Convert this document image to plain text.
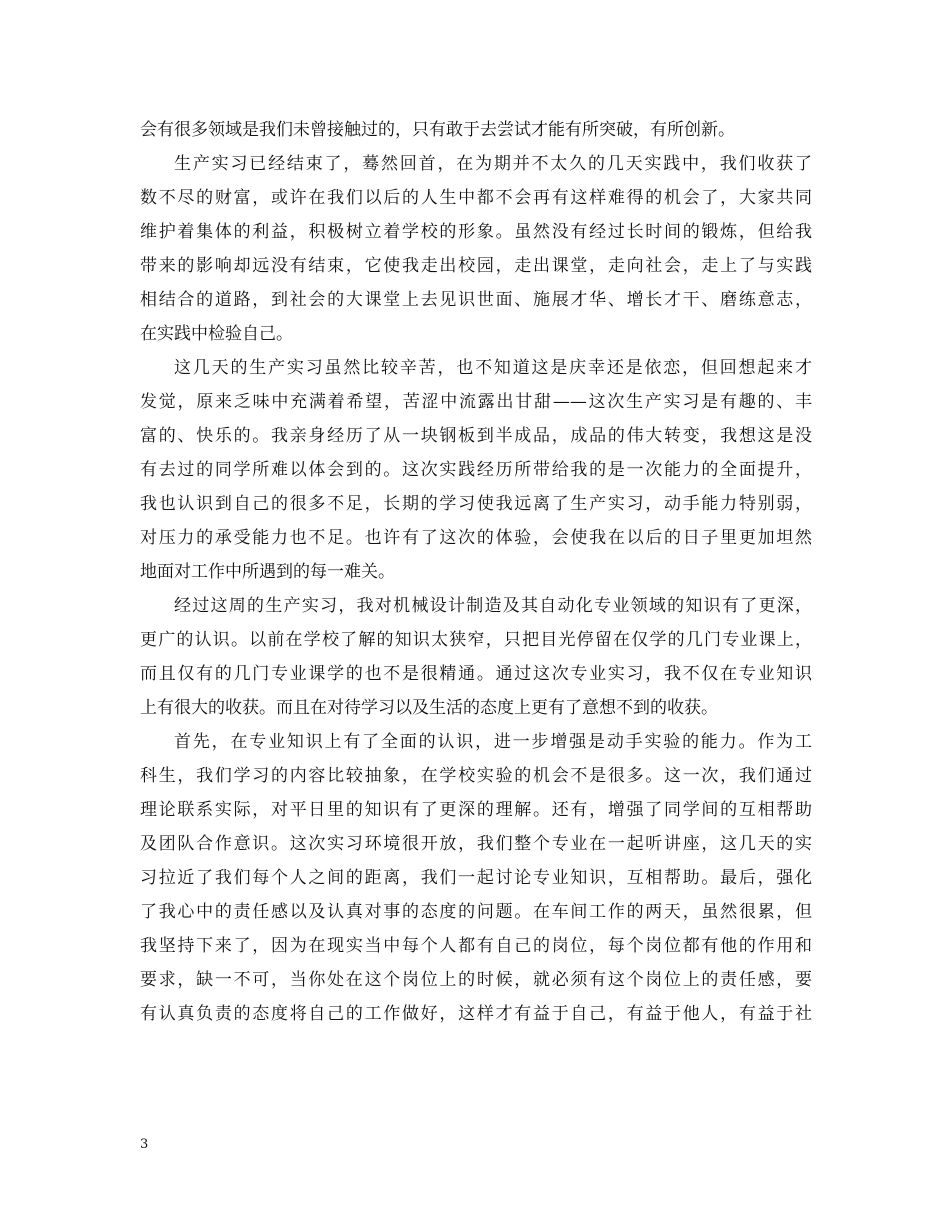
会有很多领域是我们未曾接触过的，只有敢于去尝试才能有所突破，有所创新。
生产实习已经结束了，蓦然回首，在为期并不太久的几天实践中，我们收获了
数不尽的财富，或许在我们以后的人生中都不会再有这样难得的机会了，大家共同
维护着集体的利益，积极树立着学校的形象。虽然没有经过长时间的锻炼，但给我
带来的影响却远没有结束，它使我走出校园，走出课堂，走向社会，走上了与实践
相结合的道路，到社会的大课堂上去见识世面、施展才华、增长才干、磨练意志，
在实践中检验自己。
这几天的生产实习虽然比较辛苦，也不知道这是庆幸还是依恋，但回想起来才
发觉，原来乏味中充满着希望，苦涩中流露出甘甜——这次生产实习是有趣的、丰
富的、快乐的。我亲身经历了从一块钢板到半成品，成品的伟大转变，我想这是没
有去过的同学所难以体会到的。这次实践经历所带给我的是一次能力的全面提升，
我也认识到自己的很多不足，长期的学习使我远离了生产实习，动手能力特别弱，
对压力的承受能力也不足。也许有了这次的体验，会使我在以后的日子里更加坦然
地面对工作中所遇到的每一难关。
经过这周的生产实习，我对机械设计制造及其自动化专业领域的知识有了更深，
更广的认识。以前在学校了解的知识太狭窄，只把目光停留在仅学的几门专业课上，
而且仅有的几门专业课学的也不是很精通。通过这次专业实习，我不仅在专业知识
上有很大的收获。而且在对待学习以及生活的态度上更有了意想不到的收获。
首先，在专业知识上有了全面的认识，进一步增强是动手实验的能力。作为工
科生，我们学习的内容比较抽象，在学校实验的机会不是很多。这一次，我们通过
理论联系实际，对平日里的知识有了更深的理解。还有，增强了同学间的互相帮助
及团队合作意识。这次实习环境很开放，我们整个专业在一起听讲座，这几天的实
习拉近了我们每个人之间的距离，我们一起讨论专业知识，互相帮助。最后，强化
了我心中的责任感以及认真对事的态度的问题。在车间工作的两天，虽然很累，但
我坚持下来了，因为在现实当中每个人都有自己的岗位，每个岗位都有他的作用和
要求，缺一不可，当你处在这个岗位上的时候，就必须有这个岗位上的责任感，要
有认真负责的态度将自己的工作做好，这样才有益于自己，有益于他人，有益于社
3
